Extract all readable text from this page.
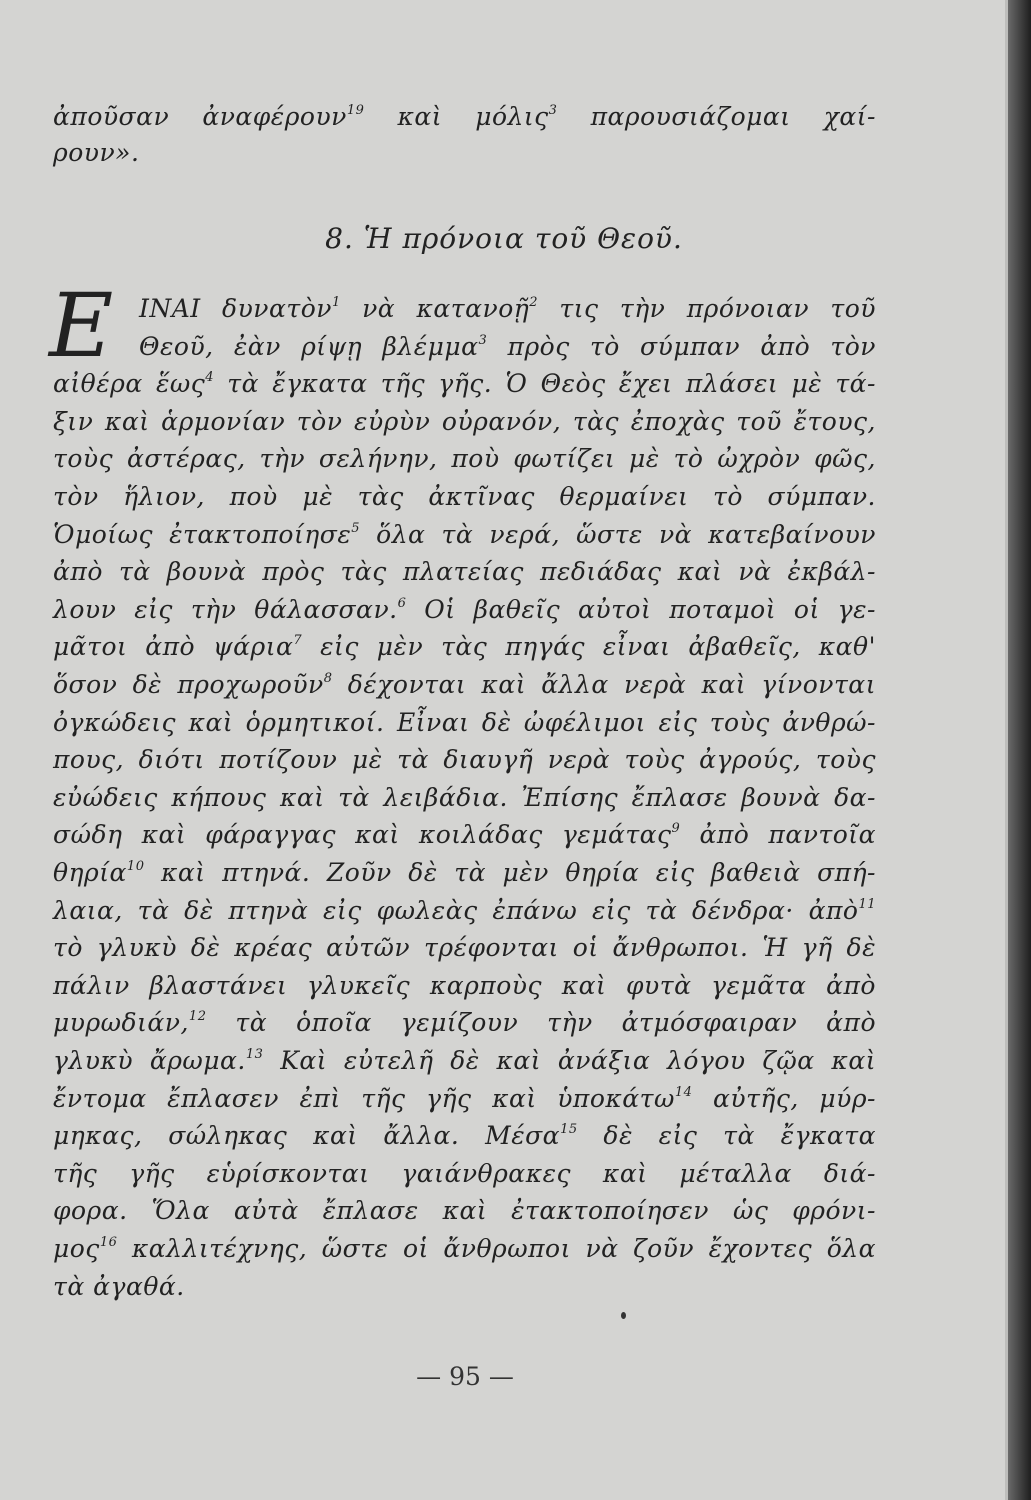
ἀποῦσαν ἀναφέρουν$^{19}$ καὶ μόλις$^3$ παρουσιάζομαι χαί-
ρουν».
8. Ἡ πρόνοια τοῦ Θεοῦ.
Ε ΙΝΑΙ δυνατὸν$^1$ νὰ κατανοῇ$^2$ τις τὴν πρόνοιαν τοῦ
Θεοῦ, ἐὰν ρίψῃ βλέμμα$^3$ πρὸς τὸ σύμπαν ἀπὸ τὸν
αἰθέρα ἕως$^4$ τὰ ἔγκατα τῆς γῆς. Ὁ Θεὸς ἔχει πλάσει μὲ τά-
ξιν καὶ ἁρμονίαν τὸν εὐρὺν οὐρανόν, τὰς ἐποχὰς τοῦ ἔτους,
τοὺς ἀστέρας, τὴν σελήνην, ποὺ φωτίζει μὲ τὸ ὠχρὸν φῶς,
τὸν ἥλιον, ποὺ μὲ τὰς ἀκτῖνας θερμαίνει τὸ σύμπαν.
Ὁμοίως ἐτακτοποίησε$^5$ ὅλα τὰ νερά, ὥστε νὰ κατεβαίνουν
ἀπὸ τὰ βουνὰ πρὸς τὰς πλατείας πεδιάδας καὶ νὰ ἐκβάλ-
λουν εἰς τὴν θάλασσαν.$^6$ Οἱ βαθεῖς αὐτοὶ ποταμοὶ οἱ γε-
μᾶτοι ἀπὸ ψάρια$^7$ εἰς μὲν τὰς πηγάς εἶναι ἀβαθεῖς, καθ'
ὅσον δὲ προχωροῦν$^8$ δέχονται καὶ ἄλλα νερὰ καὶ γίνονται
ὀγκώδεις καὶ ὁρμητικοί. Εἶναι δὲ ὠφέλιμοι εἰς τοὺς ἀνθρώ-
πους, διότι ποτίζουν μὲ τὰ διαυγῆ νερὰ τοὺς ἀγρούς, τοὺς
εὐώδεις κήπους καὶ τὰ λειβάδια. Ἐπίσης ἔπλασε βουνὰ δα-
σώδη καὶ φάραγγας καὶ κοιλάδας γεμάτας$^9$ ἀπὸ παντοῖα
θηρία$^{10}$ καὶ πτηνά. Ζοῦν δὲ τὰ μὲν θηρία εἰς βαθειὰ σπή-
λαια, τὰ δὲ πτηνὰ εἰς φωλεὰς ἐπάνω εἰς τὰ δένδρα· ἀπὸ$^{11}$
τὸ γλυκὺ δὲ κρέας αὐτῶν τρέφονται οἱ ἄνθρωποι. Ἡ γῆ δὲ
πάλιν βλαστάνει γλυκεῖς καρποὺς καὶ φυτὰ γεμᾶτα ἀπὸ
μυρωδιάν,$^{12}$ τὰ ὁποῖα γεμίζουν τὴν ἀτμόσφαιραν ἀπὸ
γλυκὺ ἄρωμα.$^{13}$ Καὶ εὐτελῆ δὲ καὶ ἀνάξια λόγου ζῷα καὶ
ἔντομα ἔπλασεν ἐπὶ τῆς γῆς καὶ ὑποκάτω$^{14}$ αὐτῆς, μύρ-
μηκας, σώληκας καὶ ἄλλα. Μέσα$^{15}$ δὲ εἰς τὰ ἔγκατα
τῆς γῆς εὑρίσκονται γαιάνθρακες καὶ μέταλλα διά-
φορα. Ὅλα αὐτὰ ἔπλασε καὶ ἐτακτοποίησεν ὡς φρόνι-
μος$^{16}$ καλλιτέχνης, ὥστε οἱ ἄνθρωποι νὰ ζοῦν ἔχοντες ὅλα
τὰ ἀγαθά.
— 95 —
